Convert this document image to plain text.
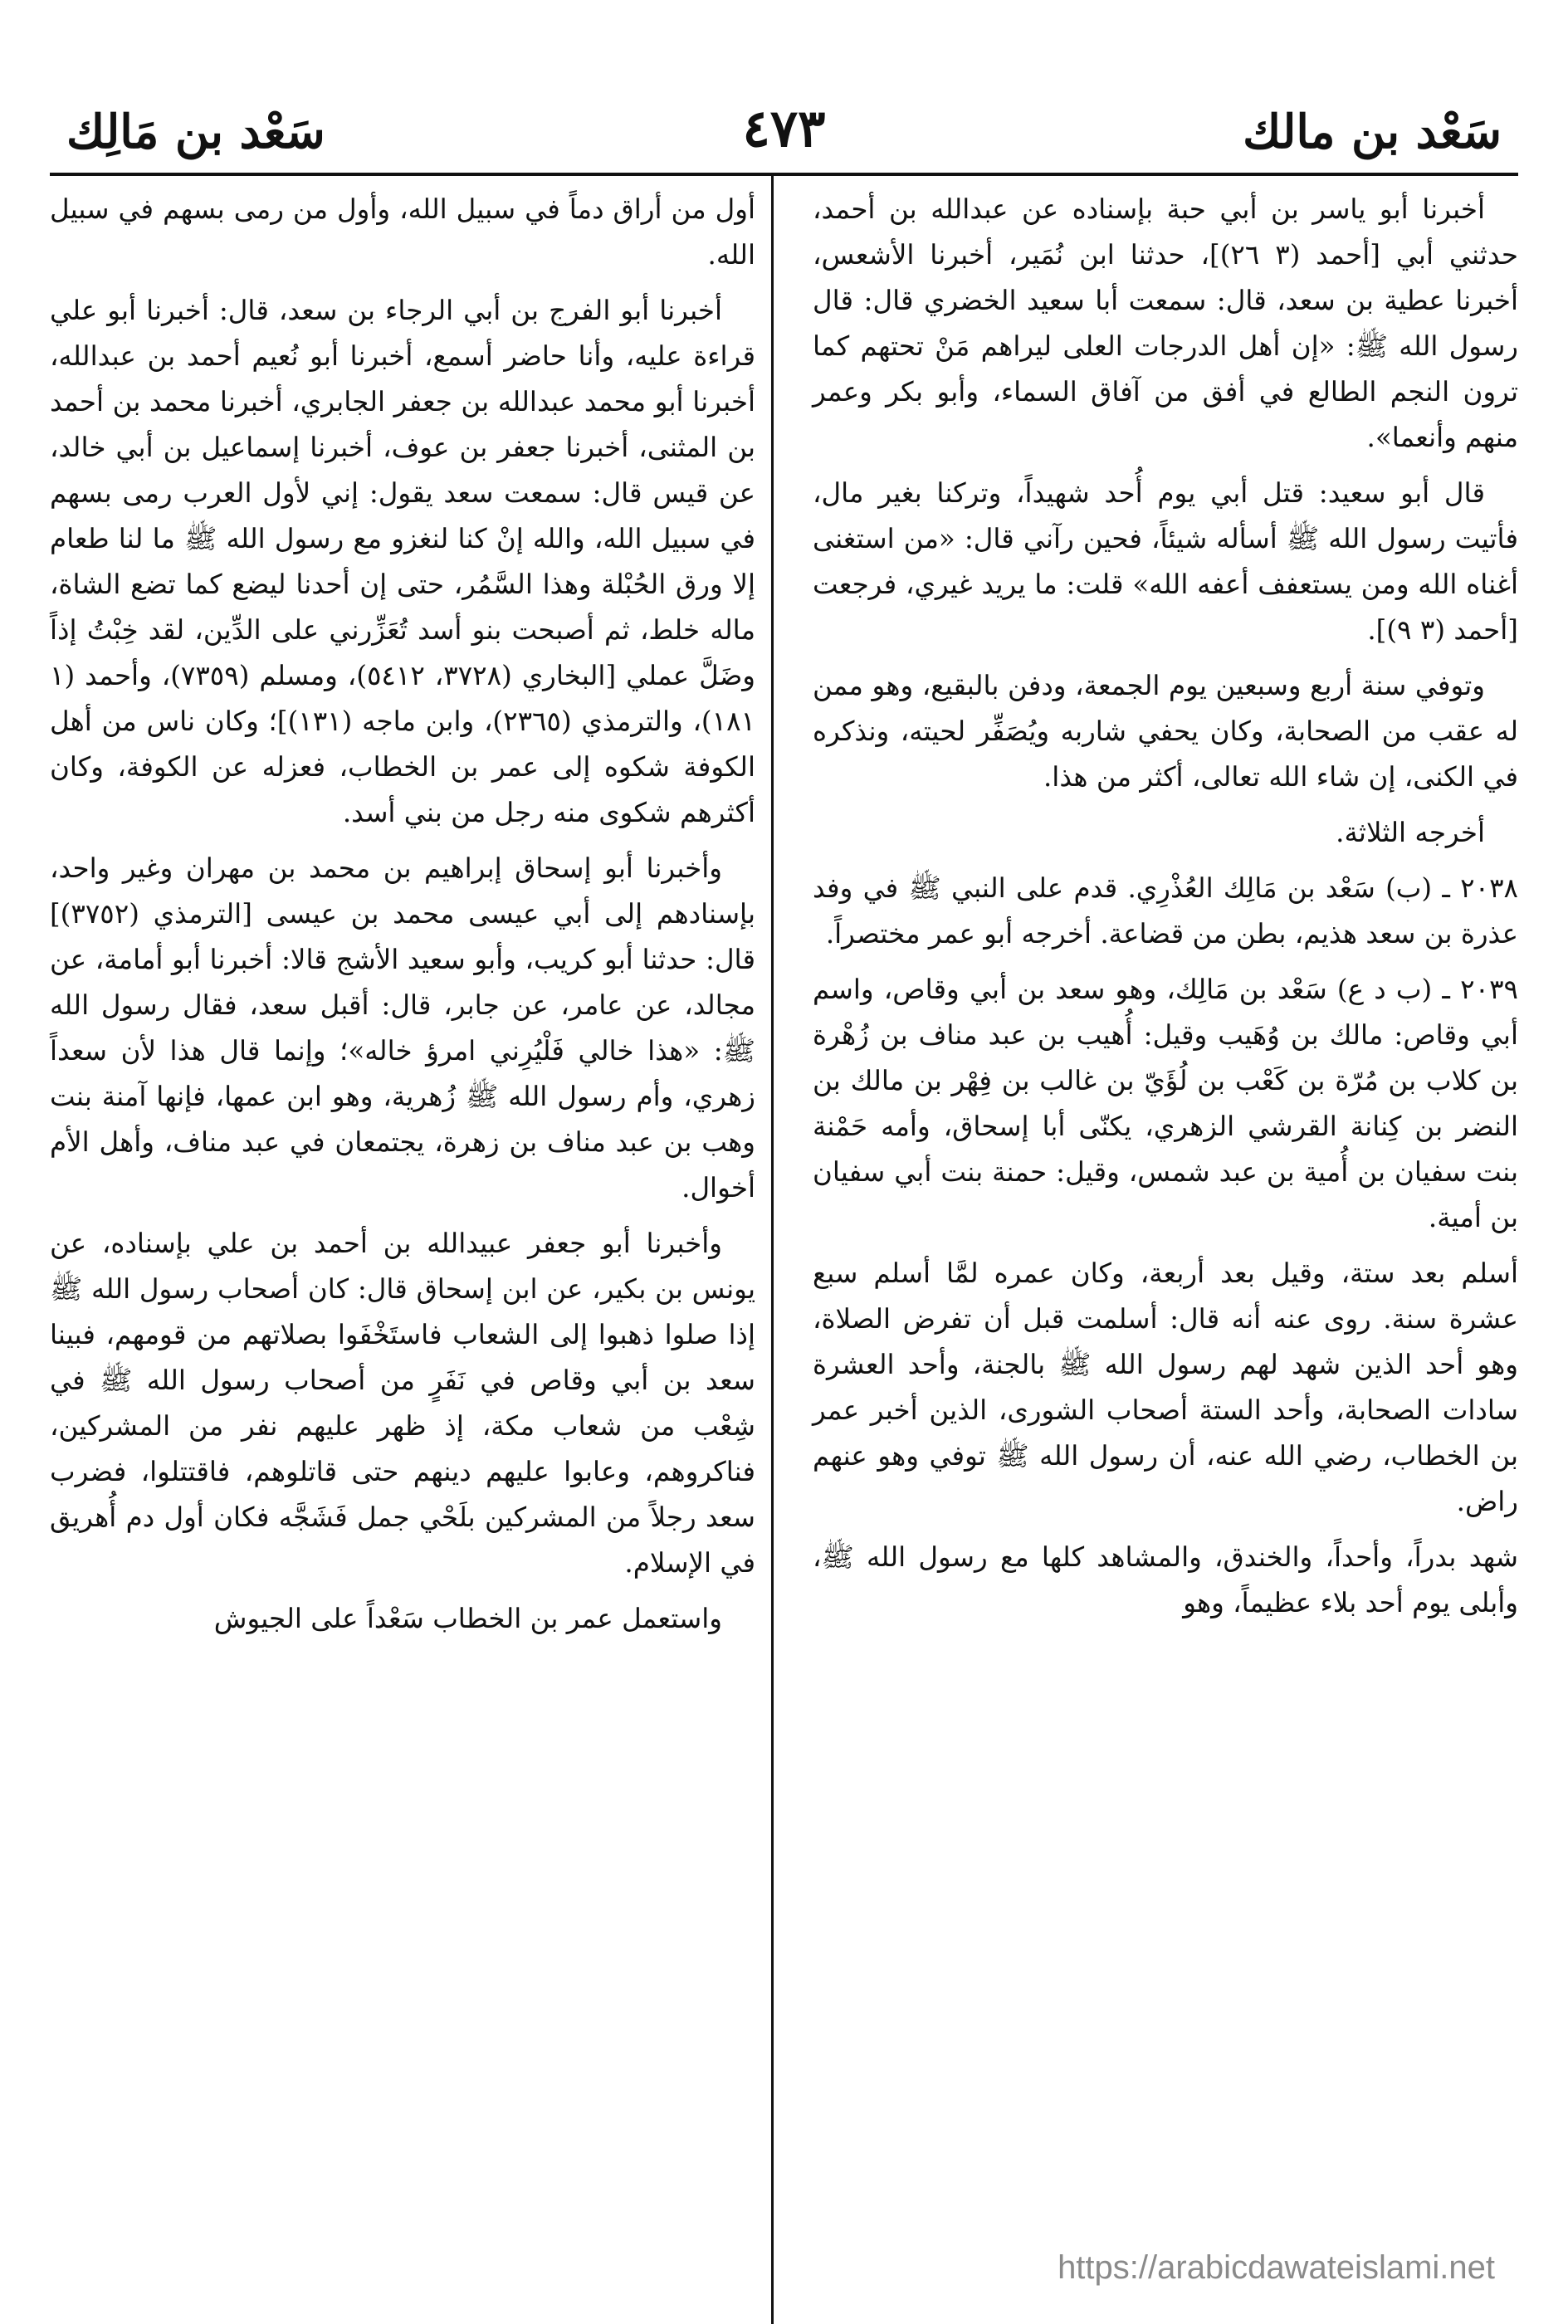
سَعْد بن مالك
٤٧٣
سَعْد بن مَالِك

أخبرنا أبو ياسر بن أبي حبة بإسناده عن عبدالله بن أحمد، حدثني أبي [أحمد (٣ ٢٦)]، حدثنا ابن نُمَير، أخبرنا الأشعس، أخبرنا عطية بن سعد، قال: سمعت أبا سعيد الخضري قال: قال رسول الله ﷺ: «إن أهل الدرجات العلى ليراهم مَنْ تحتهم كما ترون النجم الطالع في أفق من آفاق السماء، وأبو بكر وعمر منهم وأنعما».

قال أبو سعيد: قتل أبي يوم أُحد شهيداً، وتركنا بغير مال، فأتيت رسول الله ﷺ أسأله شيئاً، فحين رآني قال: «من استغنى أغناه الله ومن يستعفف أعفه الله» قلت: ما يريد غيري، فرجعت [أحمد (٣ ٩)].

وتوفي سنة أربع وسبعين يوم الجمعة، ودفن بالبقيع، وهو ممن له عقب من الصحابة، وكان يحفي شاربه ويُصَفِّر لحيته، ونذكره في الكنى، إن شاء الله تعالى، أكثر من هذا.

أخرجه الثلاثة.

٢٠٣٨ ـ (ب) سَعْد بن مَالِك العُذْرِي. قدم على النبي ﷺ في وفد عذرة بن سعد هذيم، بطن من قضاعة. أخرجه أبو عمر مختصراً.

٢٠٣٩ ـ (ب د ع) سَعْد بن مَالِك، وهو سعد بن أبي وقاص، واسم أبي وقاص: مالك بن وُهَيب وقيل: أُهيب بن عبد مناف بن زُهْرة بن كلاب بن مُرّة بن كَعْب بن لُؤَيّ بن غالب بن فِهْر بن مالك بن النضر بن كِنانة القرشي الزهري، يكنّى أبا إسحاق، وأمه حَمْنة بنت سفيان بن أُمية بن عبد شمس، وقيل: حمنة بنت أبي سفيان بن أمية.

أسلم بعد ستة، وقيل بعد أربعة، وكان عمره لمَّا أسلم سبع عشرة سنة. روى عنه أنه قال: أسلمت قبل أن تفرض الصلاة، وهو أحد الذين شهد لهم رسول الله ﷺ بالجنة، وأحد العشرة سادات الصحابة، وأحد الستة أصحاب الشورى، الذين أخبر عمر بن الخطاب، رضي الله عنه، أن رسول الله ﷺ توفي وهو عنهم راض.

شهد بدراً، وأحداً، والخندق، والمشاهد كلها مع رسول الله ﷺ، وأبلى يوم أحد بلاء عظيماً، وهو

أول من أراق دماً في سبيل الله، وأول من رمى بسهم في سبيل الله.

أخبرنا أبو الفرج بن أبي الرجاء بن سعد، قال: أخبرنا أبو علي قراءة عليه، وأنا حاضر أسمع، أخبرنا أبو نُعيم أحمد بن عبدالله، أخبرنا أبو محمد عبدالله بن جعفر الجابري، أخبرنا محمد بن أحمد بن المثنى، أخبرنا جعفر بن عوف، أخبرنا إسماعيل بن أبي خالد، عن قيس قال: سمعت سعد يقول: إني لأول العرب رمى بسهم في سبيل الله، والله إنْ كنا لنغزو مع رسول الله ﷺ ما لنا طعام إلا ورق الحُبْلة وهذا السَّمُر، حتى إن أحدنا ليضع كما تضع الشاة، ماله خلط، ثم أصبحت بنو أسد تُعَزِّرني على الدِّين، لقد خِبْتُ إذاً وضَلَّ عملي [البخاري (٣٧٢٨، ٥٤١٢)، ومسلم (٧٣٥٩)، وأحمد (١ ١٨١)، والترمذي (٢٣٦٥)، وابن ماجه (١٣١)]؛ وكان ناس من أهل الكوفة شكوه إلى عمر بن الخطاب، فعزله عن الكوفة، وكان أكثرهم شكوى منه رجل من بني أسد.

وأخبرنا أبو إسحاق إبراهيم بن محمد بن مهران وغير واحد، بإسنادهم إلى أبي عيسى محمد بن عيسى [الترمذي (٣٧٥٢)] قال: حدثنا أبو كريب، وأبو سعيد الأشج قالا: أخبرنا أبو أمامة، عن مجالد، عن عامر، عن جابر، قال: أقبل سعد، فقال رسول الله ﷺ: «هذا خالي فَلْيُرِني امرؤ خاله»؛ وإنما قال هذا لأن سعداً زهري، وأم رسول الله ﷺ زُهرية، وهو ابن عمها، فإنها آمنة بنت وهب بن عبد مناف بن زهرة، يجتمعان في عبد مناف، وأهل الأم أخوال.

وأخبرنا أبو جعفر عبيدالله بن أحمد بن علي بإسناده، عن يونس بن بكير، عن ابن إسحاق قال: كان أصحاب رسول الله ﷺ إذا صلوا ذهبوا إلى الشعاب فاستَخْفَوا بصلاتهم من قومهم، فبينا سعد بن أبي وقاص في نَفَرٍ من أصحاب رسول الله ﷺ في شِعْب من شعاب مكة، إذ ظهر عليهم نفر من المشركين، فناكروهم، وعابوا عليهم دينهم حتى قاتلوهم، فاقتتلوا، فضرب سعد رجلاً من المشركين بلَحْي جمل فَشَجَّه فكان أول دم أُهريق في الإسلام.

واستعمل عمر بن الخطاب سَعْداً على الجيوش

https://arabicdawateislami.net
